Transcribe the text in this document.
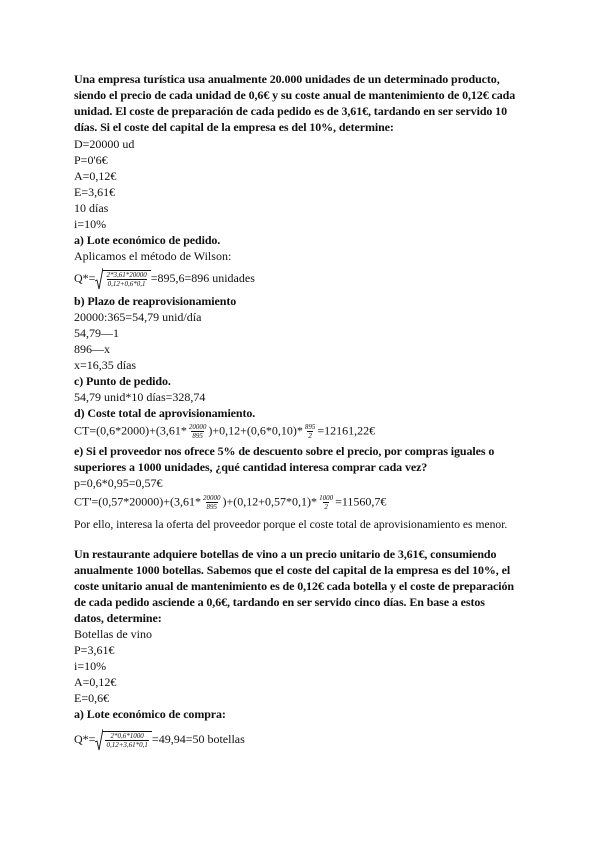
Una empresa turística usa anualmente 20.000 unidades de un determinado producto,
siendo el precio de cada unidad de 0,6€ y su coste anual de mantenimiento de 0,12€ cada
unidad. El coste de preparación de cada pedido es de 3,61€, tardando en ser servido 10
días. Si el coste del capital de la empresa es del 10%, determine:
D=20000 ud
P=0'6€
A=0,12€
E=3,61€
10 días
i=10%
a) Lote económico de pedido.
Aplicamos el método de Wilson:
$Q*= \frac{2*3,61*20000}{0,12+0,6*0,1} =895,6=896$ unidades
b) Plazo de reaprovisionamiento
20000:365=54,79 unid/día
54,79—1
896—x
x=16,35 días
c) Punto de pedido.
54,79 unid*10 días=328,74
d) Coste total de aprovisionamiento.
$CT=(0,6*2000)+(3,61* \frac{20000}{895} )+0,12+(0,6*0,10)* \frac{895}{2}$ =12161,22€
e) Si el proveedor nos ofrece 5% de descuento sobre el precio, por compras iguales o
superiores a 1000 unidades, ¿qué cantidad interesa comprar cada vez?
p=0,6*0,95=0,57€
$CT'=(0,57*20000)+(3,61* \frac{20000}{895} )+(0,12+0,57*0,1)* \frac{1000}{2}$ =11560,7€
Por ello, interesa la oferta del proveedor porque el coste total de aprovisionamiento es menor.
Un restaurante adquiere botellas de vino a un precio unitario de 3,61€, consumiendo
anualmente 1000 botellas. Sabemos que el coste del capital de la empresa es del 10%, el
coste unitario anual de mantenimiento es de 0,12€ cada botella y el coste de preparación
de cada pedido asciende a 0,6€, tardando en ser servido cinco días. En base a estos
datos, determine:
Botellas de vino
P=3,61€
i=10%
A=0,12€
E=0,6€
a) Lote económico de compra:
$Q*= \frac{2*0,6*1000}{0,12+3,61*0,1} =49,94=50$ botellas
